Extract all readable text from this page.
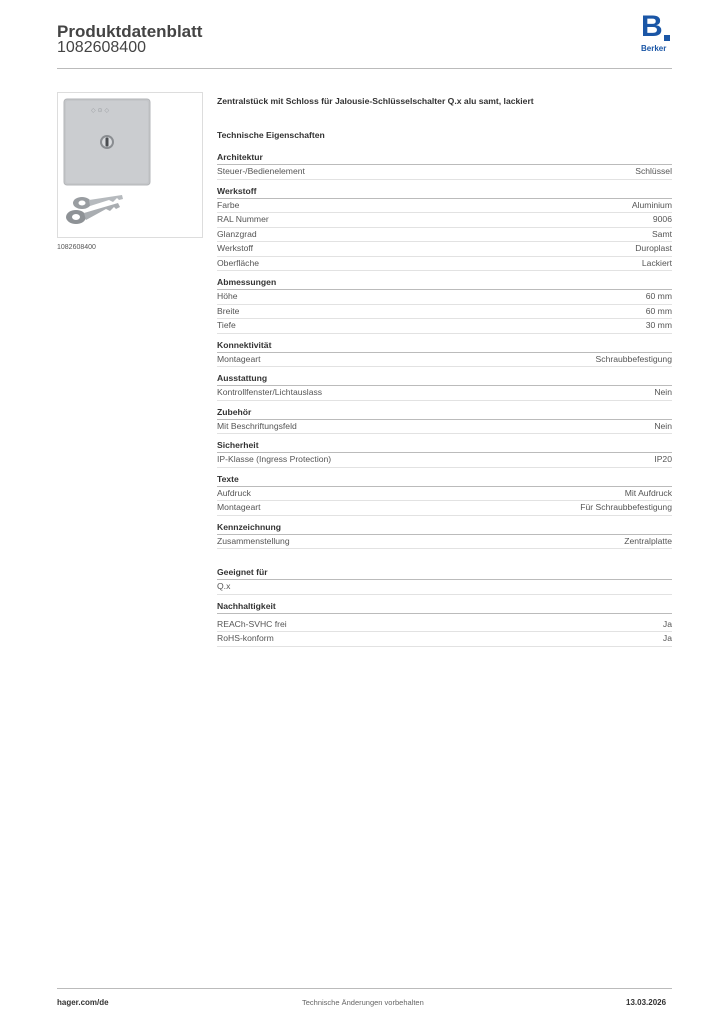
Produktdatenblatt
1082608400
B
Berker
◇ ⊙ ◇
1082608400
Zentralstück mit Schloss für Jalousie-Schlüsselschalter Q.x alu samt, lackiert
Technische Eigenschaften
Architektur
Steuer-/Bedienelement	Schlüssel
Werkstoff
Farbe	Aluminium
RAL Nummer	9006
Glanzgrad	Samt
Werkstoff	Duroplast
Oberfläche	Lackiert
Abmessungen
Höhe	60 mm
Breite	60 mm
Tiefe	30 mm
Konnektivität
Montageart	Schraubbefestigung
Ausstattung
Kontrollfenster/Lichtauslass	Nein
Zubehör
Mit Beschriftungsfeld	Nein
Sicherheit
IP-Klasse (Ingress Protection)	IP20
Texte
Aufdruck	Mit Aufdruck
Montageart	Für Schraubbefestigung
Kennzeichnung
Zusammenstellung	Zentralplatte
Geeignet für
Q.x
Nachhaltigkeit
REACh-SVHC frei	Ja
RoHS-konform	Ja
hager.com/de	Technische Änderungen vorbehalten	13.03.2026
